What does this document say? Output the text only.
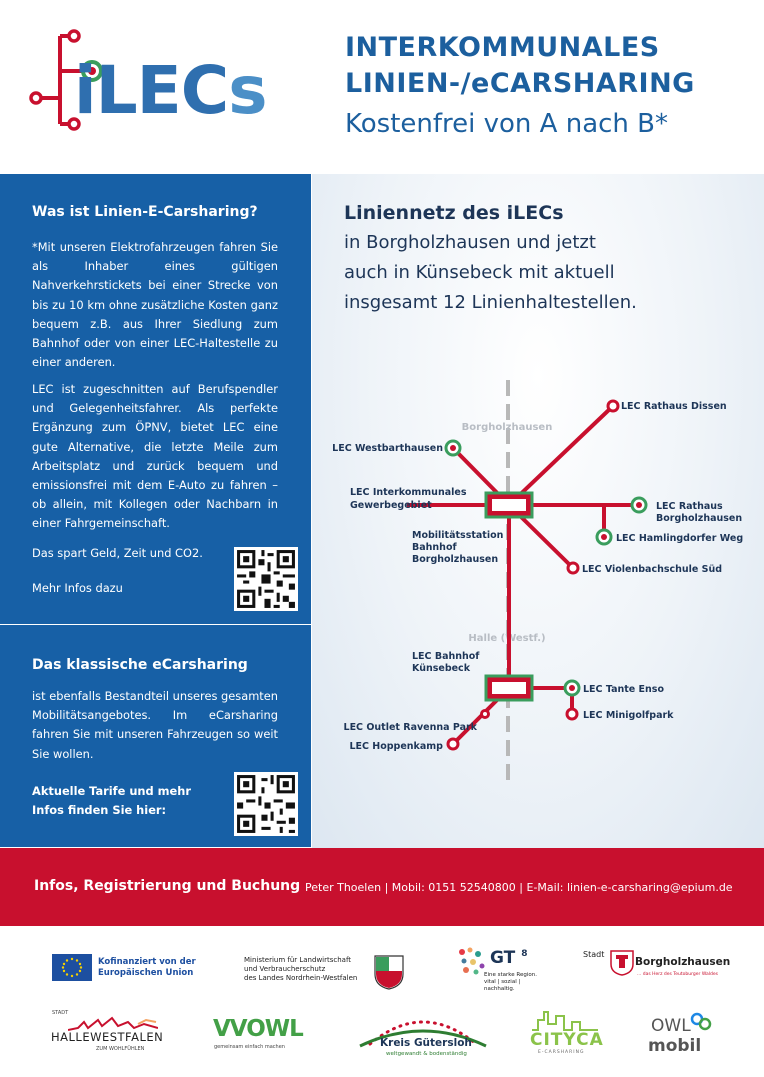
iLECs
INTERKOMMUNALES
LINIEN-/eCARSHARING
Kostenfrei von A nach B*
Was ist Linien-E-Carsharing?
*Mit unseren Elektrofahrzeugen fahren Sie als Inhaber eines gültigen Nahverkehrstickets bei einer Strecke von bis zu 10 km ohne zusätzliche Kosten ganz bequem z.B. aus Ihrer Siedlung zum Bahnhof oder von einer LEC-Haltestelle zu einer anderen.
LEC ist zugeschnitten auf Berufspendler und Gelegenheitsfahrer. Als perfekte Ergänzung zum ÖPNV, bietet LEC eine gute Alternative, die letzte Meile zum Arbeitsplatz und zurück bequem und emissionsfrei mit dem E-Auto zu fahren – ob allein, mit Kollegen oder Nachbarn in einer Fahrgemeinschaft.
Das spart Geld, Zeit und CO2.
Mehr Infos dazu
Das klassische eCarsharing
ist ebenfalls Bestandteil unseres gesamten Mobilitätsangebotes. Im eCarsharing fahren Sie mit unseren Fahrzeugen so weit Sie wollen.
Aktuelle Tarife und mehr
Infos finden Sie hier:
Liniennetz des iLECs
in Borgholzhausen und jetzt
auch in Künsebeck mit aktuell
insgesamt 12 Linienhaltestellen.
Borgholzhausen
Halle (Westf.)
LEC Rathaus Dissen
LEC Westbarthausen
LEC Interkommunales
Gewerbegebiet	LEC Rathaus
Borgholzhausen
LEC Hamlingdorfer Weg
Mobilitätsstation
Bahnhof
Borgholzhausen
LEC Violenbachschule Süd
LEC Bahnhof
Künsebeck
LEC Tante Enso
LEC Minigolfpark
LEC Outlet Ravenna Park
LEC Hoppenkamp
Infos, Registrierung und Buchung Peter Thoelen | Mobil: 0151 52540800 | E-Mail: linien-e-carsharing@epium.de
Kofinanziert von der
Europäischen Union
Ministerium für Landwirtschaft
und Verbraucherschutz
des Landes Nordrhein-Westfalen
GT $^8$
Eine starke Region. vital | sozial | nachhaltig.
Stadt
Borgholzhausen
... das Herz des Teutoburger Waldes
STADT
HALLEWESTFALEN
ZUM WOHLFÜHLEN
VVOWL
gemeinsam einfach machen	Kreis Gütersloh
weltgewandt & bodenständig
CITYCA
E-CARSHARING
OWL
mobil
